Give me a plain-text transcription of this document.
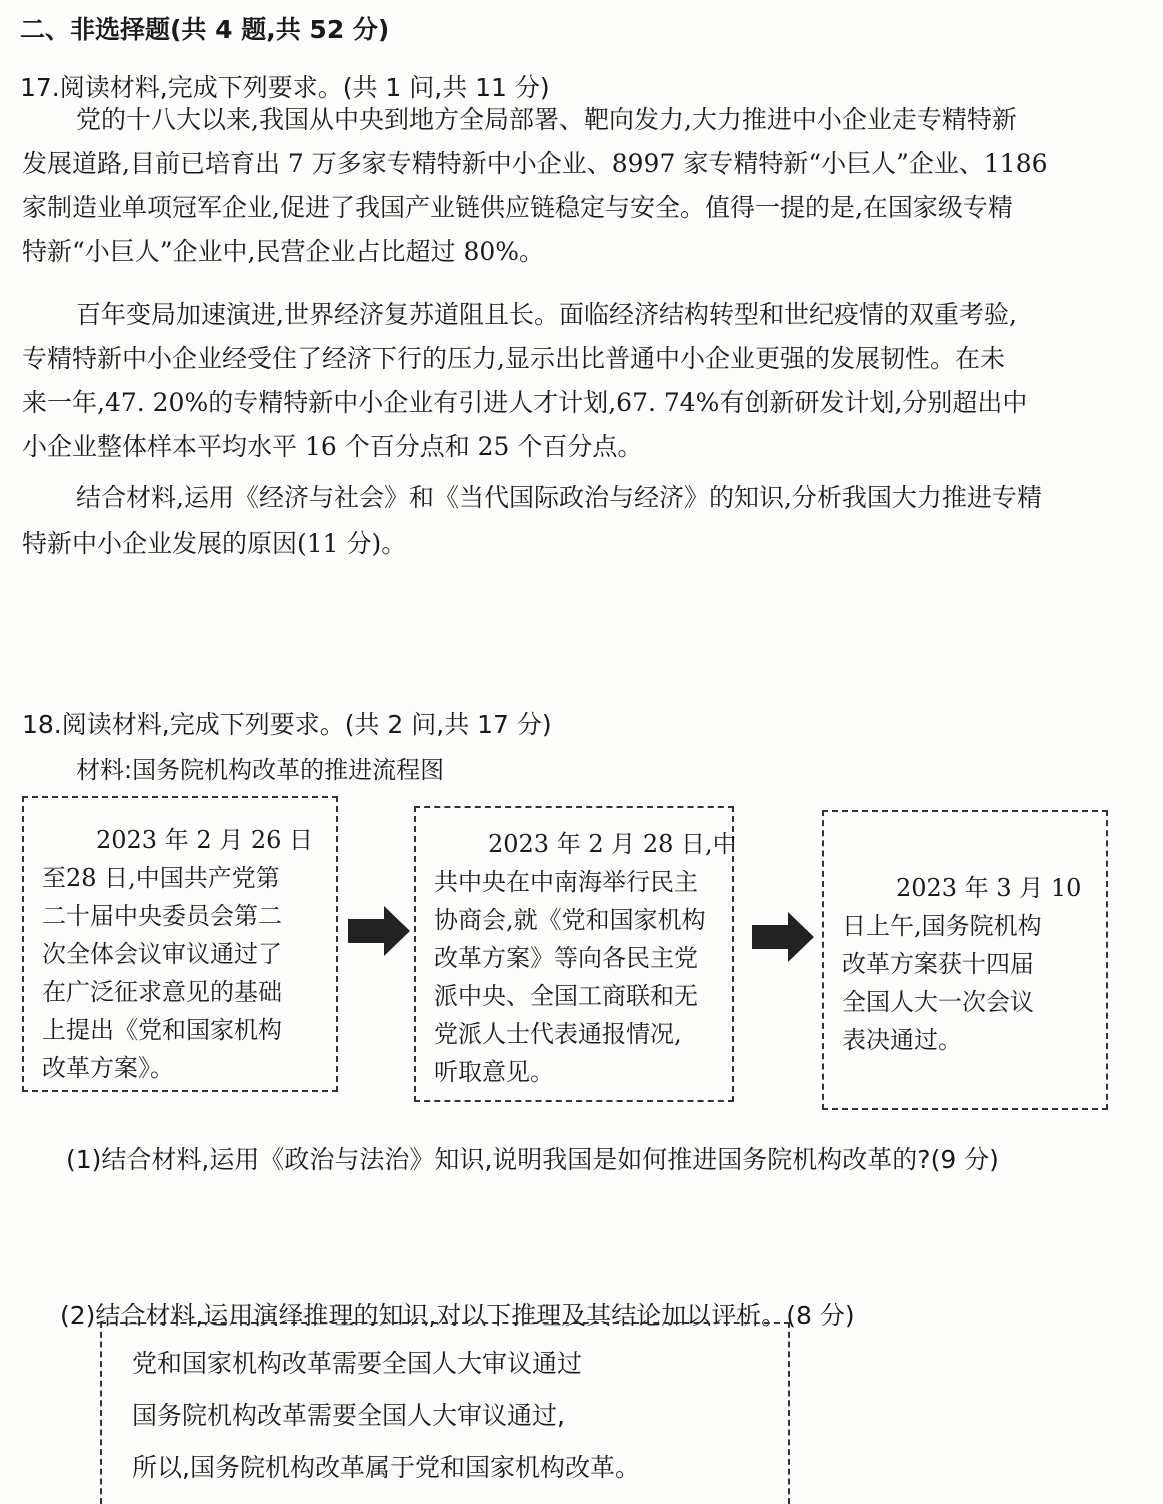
二、非选择题(共 4 题,共 52 分)
17.阅读材料,完成下列要求。(共 1 问,共 11 分)
党的十八大以来,我国从中央到地方全局部署、靶向发力,大力推进中小企业走专精特新
发展道路,目前已培育出 7 万多家专精特新中小企业、8997 家专精特新“小巨人”企业、1186
家制造业单项冠军企业,促进了我国产业链供应链稳定与安全。值得一提的是,在国家级专精
特新“小巨人”企业中,民营企业占比超过 80%。
百年变局加速演进,世界经济复苏道阻且长。面临经济结构转型和世纪疫情的双重考验,
专精特新中小企业经受住了经济下行的压力,显示出比普通中小企业更强的发展韧性。在未
来一年,47. 20%的专精特新中小企业有引进人才计划,67. 74%有创新研发计划,分别超出中
小企业整体样本平均水平 16 个百分点和 25 个百分点。
结合材料,运用《经济与社会》和《当代国际政治与经济》的知识,分析我国大力推进专精
特新中小企业发展的原因(11 分)。
18.阅读材料,完成下列要求。(共 2 问,共 17 分)
材料:国务院机构改革的推进流程图
2023 年 2 月 26 日
至28 日,中国共产党第
二十届中央委员会第二
次全体会议审议通过了
在广泛征求意见的基础
上提出《党和国家机构
改革方案》。
2023 年 2 月 28 日,中
共中央在中南海举行民主
协商会,就《党和国家机构
改革方案》等向各民主党
派中央、全国工商联和无
党派人士代表通报情况,
听取意见。
2023 年 3 月 10
日上午,国务院机构
改革方案获十四届
全国人大一次会议
表决通过。
(1)结合材料,运用《政治与法治》知识,说明我国是如何推进国务院机构改革的?(9 分)
(2)结合材料,运用演绎推理的知识,对以下推理及其结论加以评析。(8 分)
党和国家机构改革需要全国人大审议通过
国务院机构改革需要全国人大审议通过,
所以,国务院机构改革属于党和国家机构改革。
